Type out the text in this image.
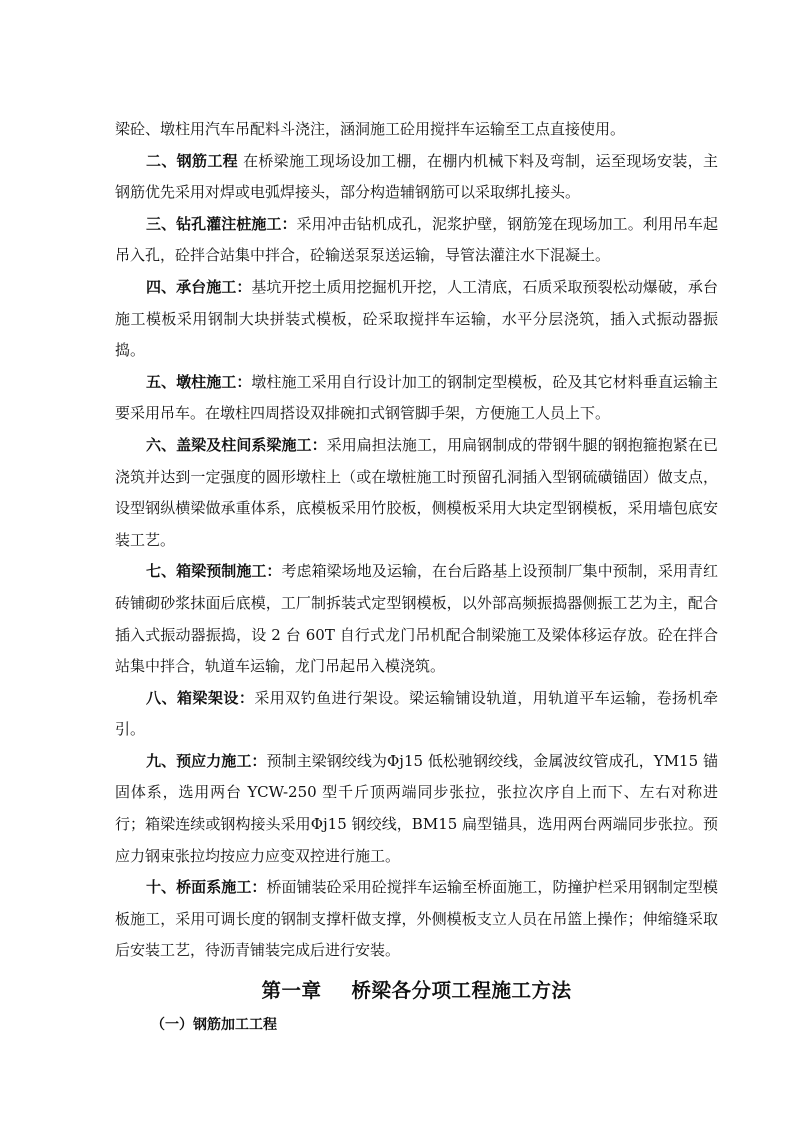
梁砼、墩柱用汽车吊配料斗浇注，涵洞施工砼用搅拌车运输至工点直接使用。

二、钢筋工程 在桥梁施工现场设加工棚，在棚内机械下料及弯制，运至现场安装，主钢筋优先采用对焊或电弧焊接头，部分构造辅钢筋可以采取绑扎接头。

三、钻孔灌注桩施工：采用冲击钻机成孔，泥浆护壁，钢筋笼在现场加工。利用吊车起吊入孔，砼拌合站集中拌合，砼输送泵泵送运输，导管法灌注水下混凝土。

四、承台施工：基坑开挖土质用挖掘机开挖，人工清底，石质采取预裂松动爆破，承台施工模板采用钢制大块拼装式模板，砼采取搅拌车运输，水平分层浇筑，插入式振动器振捣。

五、墩柱施工：墩柱施工采用自行设计加工的钢制定型模板，砼及其它材料垂直运输主要采用吊车。在墩柱四周搭设双排碗扣式钢管脚手架，方便施工人员上下。

六、盖梁及柱间系梁施工：采用扁担法施工，用扁钢制成的带钢牛腿的钢抱箍抱紧在已浇筑并达到一定强度的圆形墩柱上（或在墩桩施工时预留孔洞插入型钢硫磺锚固）做支点，设型钢纵横梁做承重体系，底模板采用竹胶板，侧模板采用大块定型钢模板，采用墙包底安装工艺。

七、箱梁预制施工：考虑箱梁场地及运输，在台后路基上设预制厂集中预制，采用青红砖铺砌砂浆抹面后底模，工厂制拆装式定型钢模板，以外部高频振捣器侧振工艺为主，配合插入式振动器振捣，设 2 台 60T 自行式龙门吊机配合制梁施工及梁体移运存放。砼在拌合站集中拌合，轨道车运输，龙门吊起吊入模浇筑。

八、箱梁架设：采用双钓鱼进行架设。梁运输铺设轨道，用轨道平车运输，卷扬机牵引。

九、预应力施工：预制主梁钢绞线为Φj15 低松驰钢绞线，金属波纹管成孔，YM15 锚固体系，选用两台 YCW-250 型千斤顶两端同步张拉，张拉次序自上而下、左右对称进行；箱梁连续或钢构接头采用Φj15 钢绞线，BM15 扁型锚具，选用两台两端同步张拉。预应力钢束张拉均按应力应变双控进行施工。

十、桥面系施工：桥面铺装砼采用砼搅拌车运输至桥面施工，防撞护栏采用钢制定型模板施工，采用可调长度的钢制支撑杆做支撑，外侧模板支立人员在吊篮上操作；伸缩缝采取后安装工艺，待沥青铺装完成后进行安装。

第一章 桥梁各分项工程施工方法
（一）钢筋加工工程
